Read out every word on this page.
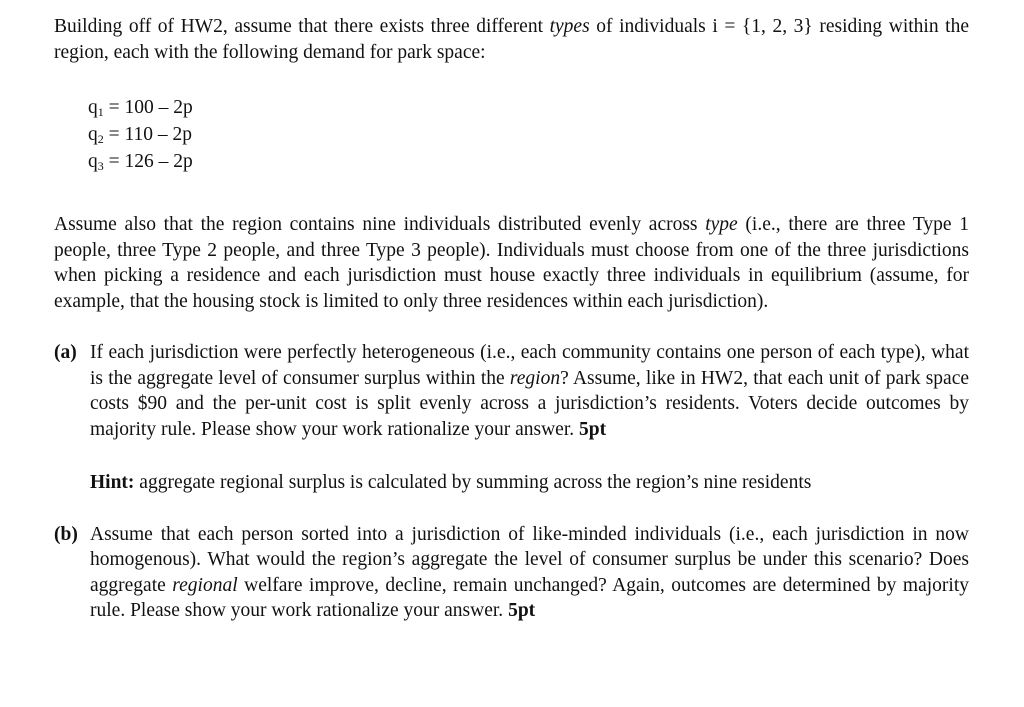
Building off of HW2, assume that there exists three different types of individuals i = {1, 2, 3} residing within the region, each with the following demand for park space:

q1 = 100 – 2p
q2 = 110 – 2p
q3 = 126 – 2p

Assume also that the region contains nine individuals distributed evenly across type (i.e., there are three Type 1 people, three Type 2 people, and three Type 3 people). Individuals must choose from one of the three jurisdictions when picking a residence and each jurisdiction must house exactly three individuals in equilibrium (assume, for example, that the housing stock is limited to only three residences within each jurisdiction).

(a) If each jurisdiction were perfectly heterogeneous (i.e., each community contains one person of each type), what is the aggregate level of consumer surplus within the region? Assume, like in HW2, that each unit of park space costs $90 and the per-unit cost is split evenly across a jurisdiction’s residents. Voters decide outcomes by majority rule. Please show your work rationalize your answer. 5pt

Hint: aggregate regional surplus is calculated by summing across the region’s nine residents

(b) Assume that each person sorted into a jurisdiction of like-minded individuals (i.e., each jurisdiction in now homogenous). What would the region’s aggregate the level of consumer surplus be under this scenario? Does aggregate regional welfare improve, decline, remain unchanged? Again, outcomes are determined by majority rule. Please show your work rationalize your answer. 5pt
